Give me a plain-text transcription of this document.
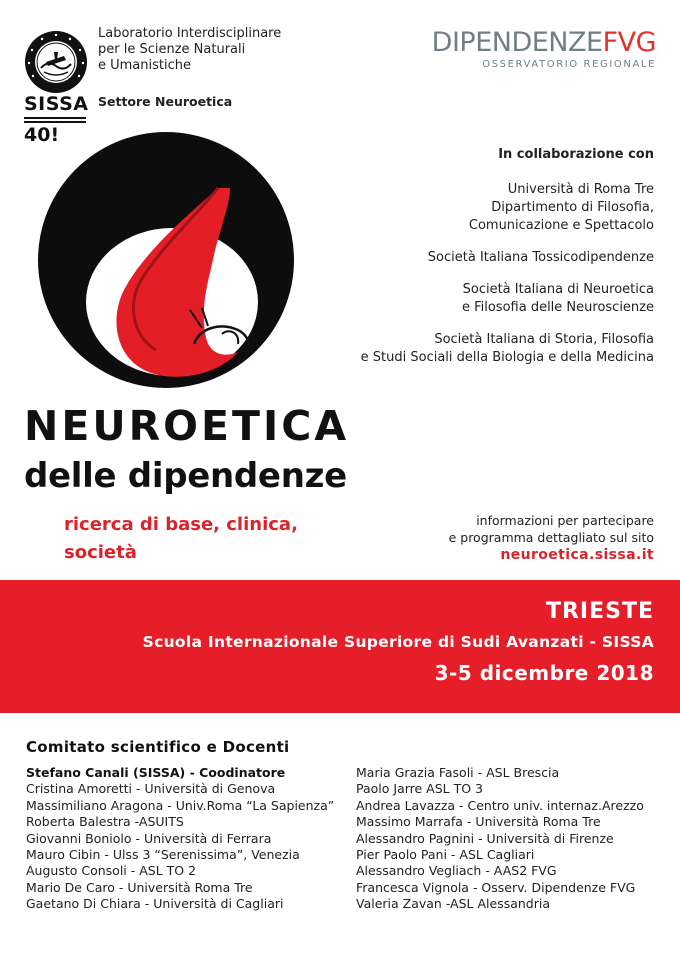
SISSA
40!
Laboratorio Interdisciplinare
per le Scienze Naturali
e Umanistiche
Settore Neuroetica
DIPENDENZEFVG
OSSERVATORIO REGIONALE
In collaborazione con
Università di Roma Tre
Dipartimento di Filosofia,
Comunicazione e Spettacolo
Società Italiana Tossicodipendenze
Società Italiana di Neuroetica
e Filosofia delle Neuroscienze
Società Italiana di Storia, Filosofia
e Studi Sociali della Biologia e della Medicina
NEUROETICA
delle dipendenze
ricerca di base, clinica,
società
informazioni per partecipare
e programma dettagliato sul sito
neuroetica.sissa.it
TRIESTE
Scuola Internazionale Superiore di Sudi Avanzati - SISSA
3-5 dicembre 2018
Comitato scientifico e Docenti
Stefano Canali (SISSA) - Coodinatore
Cristina Amoretti - Università di Genova
Massimiliano Aragona - Univ.Roma “La Sapienza”
Roberta Balestra -ASUITS
Giovanni Boniolo - Università di Ferrara
Mauro Cibin - Ulss 3 “Serenissima”, Venezia
Augusto Consoli - ASL TO 2
Mario De Caro - Università Roma Tre
Gaetano Di Chiara - Università di Cagliari
Maria Grazia Fasoli - ASL Brescia
Paolo Jarre ASL TO 3
Andrea Lavazza - Centro univ. internaz.Arezzo
Massimo Marrafa - Università Roma Tre
Alessandro Pagnini - Università di Firenze
Pier Paolo Pani - ASL Cagliari
Alessandro Vegliach - AAS2 FVG
Francesca Vignola - Osserv. Dipendenze FVG
Valeria Zavan -ASL Alessandria
